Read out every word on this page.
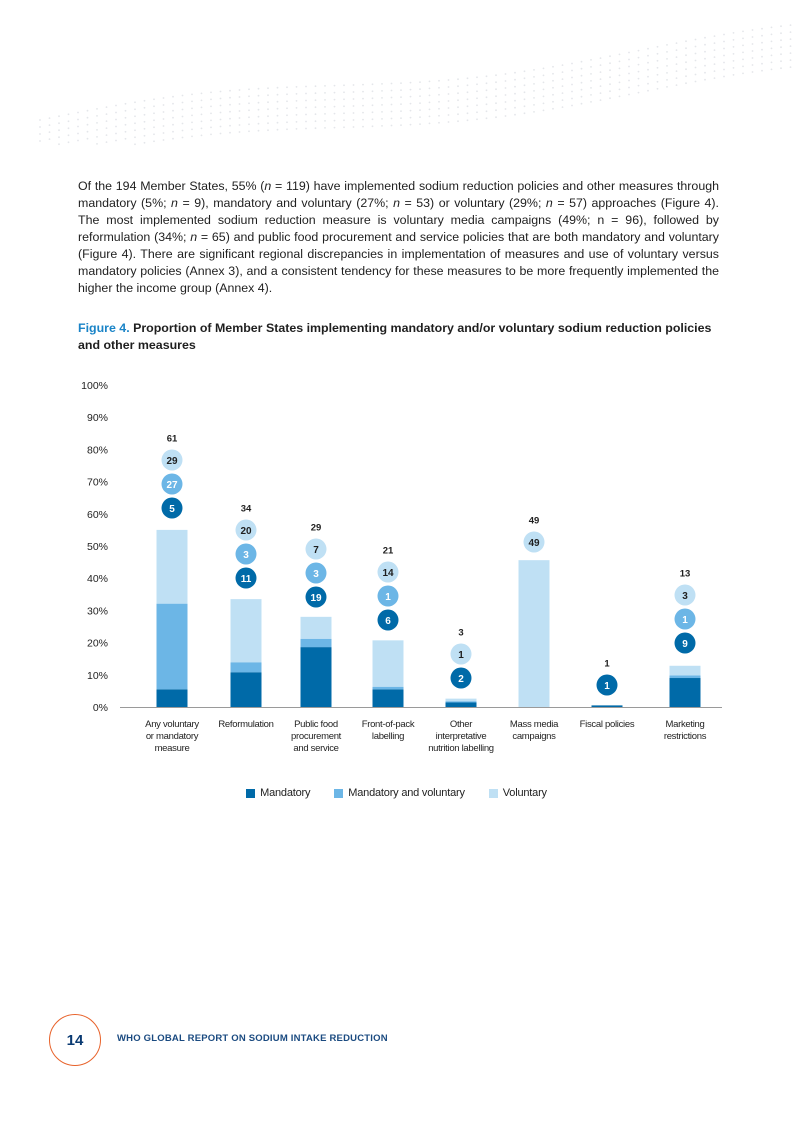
Of the 194 Member States, 55% (n = 119) have implemented sodium reduction policies and other measures through mandatory (5%; n = 9), mandatory and voluntary (27%; n = 53) or voluntary (29%; n = 57) approaches (Figure 4). The most implemented sodium reduction measure is voluntary media campaigns (49%; n = 96), followed by reformulation (34%; n = 65) and public food procurement and service policies that are both mandatory and voluntary (Figure 4). There are significant regional discrepancies in implementation of measures and use of voluntary versus mandatory policies (Annex 3), and a consistent tendency for these measures to be more frequently implemented the higher the income group (Annex 4).

Figure 4. Proportion of Member States implementing mandatory and/or voluntary sodium reduction policies and other measures

0%
10%
20%
30%
40%
50%
60%
70%
80%
90%
100%
Any voluntary
or mandatory
measure
Reformulation Public food
procurement
and service
Front-of-pack
labelling
Other
interpretative
nutrition labelling
Mass media
campaigns
Fiscal policies	Marketing
restrictions
5
27
29
61
11
3
20
34
19
3
7
29
6
1
14
21
2
1
3
49
49
1
1
9
1
3
13
Mandatory	Mandatory and voluntary	Voluntary
14	WHO GLOBAL REPORT ON SODIUM INTAKE REDUCTION
